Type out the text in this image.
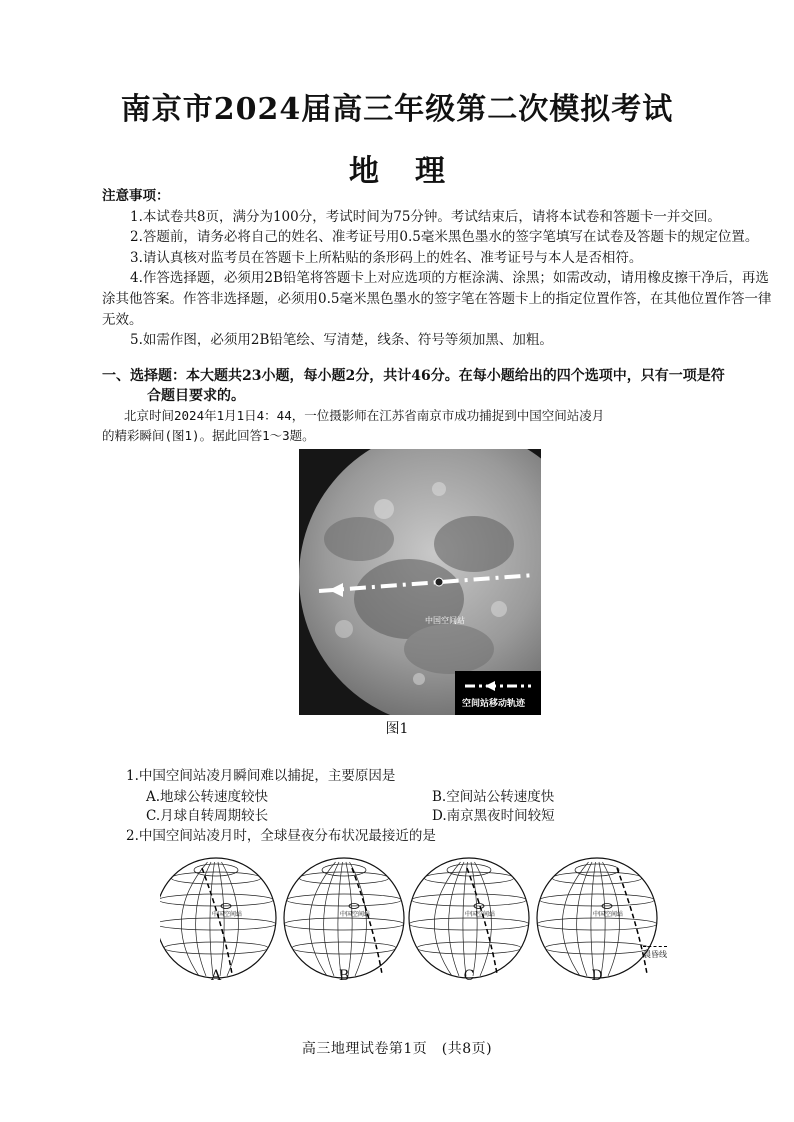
南京市2024届高三年级第二次模拟考试
地理

注意事项：

1.本试卷共8页，满分为100分，考试时间为75分钟。考试结束后，请将本试卷和答题卡一并交回。

2.答题前，请务必将自己的姓名、准考证号用0.5毫米黑色墨水的签字笔填写在试卷及答题卡的规定位置。

3.请认真核对监考员在答题卡上所粘贴的条形码上的姓名、准考证号与本人是否相符。

4.作答选择题，必须用2B铅笔将答题卡上对应选项的方框涂满、涂黑；如需改动，请用橡皮擦干净后，再选涂其他答案。作答非选择题，必须用0.5毫米黑色墨水的签字笔在答题卡上的指定位置作答，在其他位置作答一律无效。

5.如需作图，必须用2B铅笔绘、写清楚，线条、符号等须加黑、加粗。

一、选择题：本大题共23小题，每小题2分，共计46分。在每小题给出的四个选项中，只有一项是符
合题目要求的。
北京时间2024年1月1日4：44，一位摄影师在江苏省南京市成功捕捉到中国空间站凌月
的精彩瞬间(图1)。据此回答1～3题。
中国空间站
空间站移动轨迹
图1
1.中国空间站凌月瞬间难以捕捉，主要原因是
A.地球公转速度较快	B.空间站公转速度快
C.月球自转周期较长	D.南京黑夜时间较短
2.中国空间站凌月时，全球昼夜分布状况最接近的是
中国空间站	中国空间站	中国空间站	中国空间站
A	B	C	D
晨昏线
高三地理试卷第1页　(共8页)
